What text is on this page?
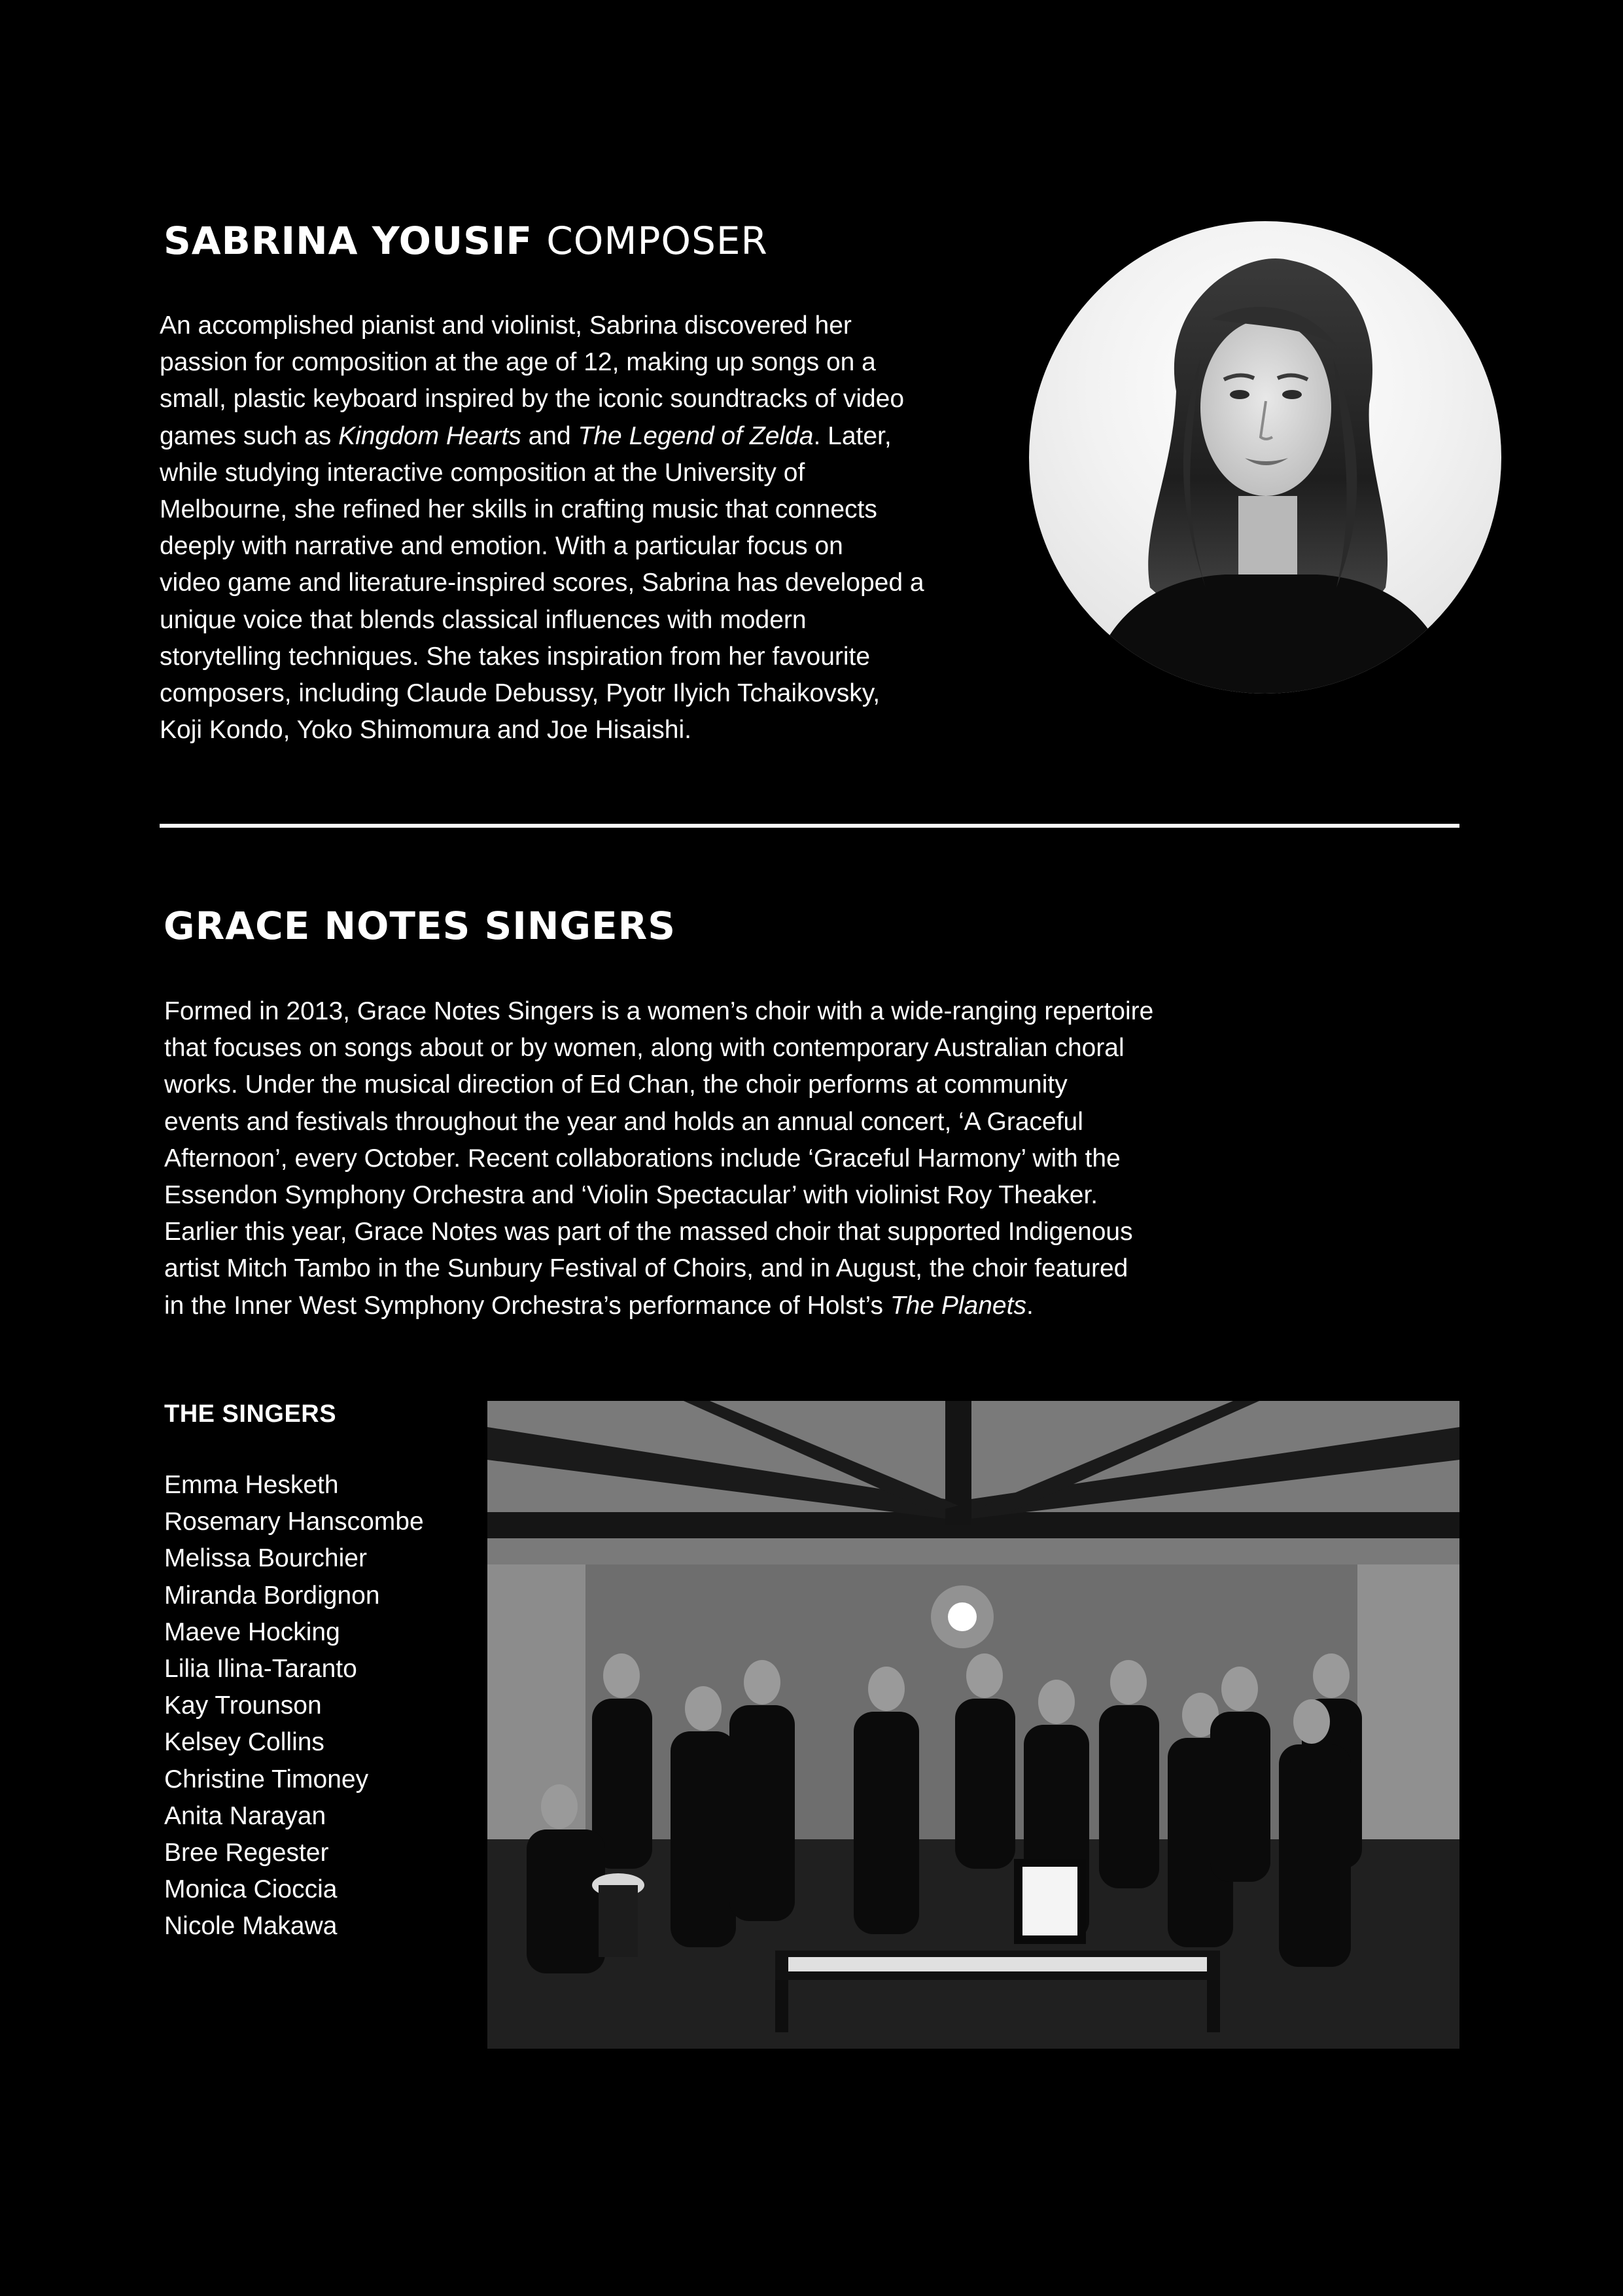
SABRINA YOUSIF COMPOSER

An accomplished pianist and violinist, Sabrina discovered her
passion for composition at the age of 12, making up songs on a
small, plastic keyboard inspired by the iconic soundtracks of video
games such as Kingdom Hearts and The Legend of Zelda. Later,
while studying interactive composition at the University of
Melbourne, she refined her skills in crafting music that connects
deeply with narrative and emotion. With a particular focus on
video game and literature-inspired scores, Sabrina has developed a
unique voice that blends classical influences with modern
storytelling techniques. She takes inspiration from her favourite
composers, including Claude Debussy, Pyotr Ilyich Tchaikovsky,
Koji Kondo, Yoko Shimomura and Joe Hisaishi.

GRACE NOTES SINGERS

Formed in 2013, Grace Notes Singers is a women’s choir with a wide-ranging repertoire
that focuses on songs about or by women, along with contemporary Australian choral
works. Under the musical direction of Ed Chan, the choir performs at community
events and festivals throughout the year and holds an annual concert, ‘A Graceful
Afternoon’, every October. Recent collaborations include ‘Graceful Harmony’ with the
Essendon Symphony Orchestra and ‘Violin Spectacular’ with violinist Roy Theaker.
Earlier this year, Grace Notes was part of the massed choir that supported Indigenous
artist Mitch Tambo in the Sunbury Festival of Choirs, and in August, the choir featured
in the Inner West Symphony Orchestra’s performance of Holst’s The Planets.

THE SINGERS
Emma Hesketh
Rosemary Hanscombe
Melissa Bourchier
Miranda Bordignon
Maeve Hocking
Lilia Ilina-Taranto
Kay Trounson
Kelsey Collins
Christine Timoney
Anita Narayan
Bree Regester
Monica Cioccia
Nicole Makawa
